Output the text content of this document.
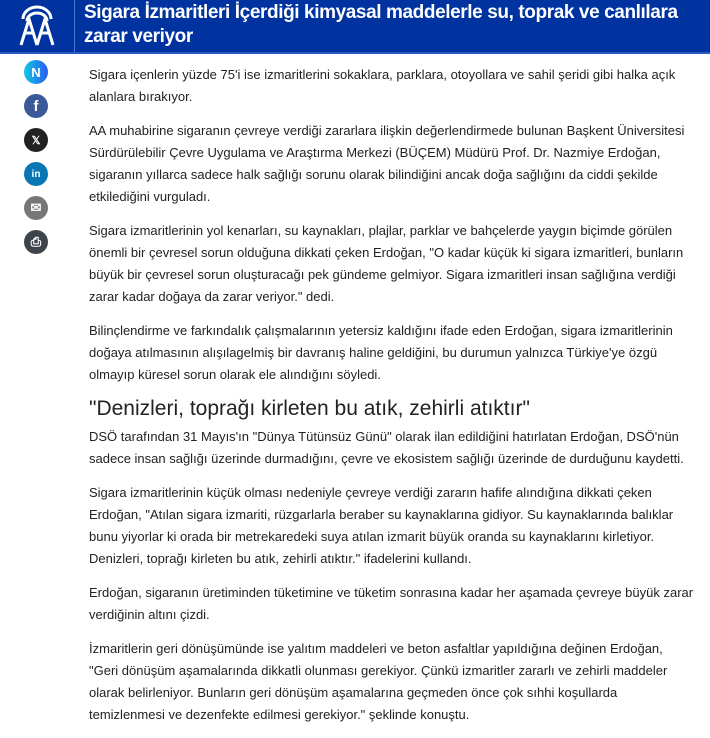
Sigara İzmaritleri İçerdiği kimyasal maddelerle su, toprak ve canlılara zarar veriyor
N
f
𝕏
in
✉
⎙

Sigara içenlerin yüzde 75'i ise izmaritlerini sokaklara, parklara, otoyollara ve sahil şeridi gibi halka açık alanlara bırakıyor.

AA muhabirine sigaranın çevreye verdiği zararlara ilişkin değerlendirmede bulunan Başkent Üniversitesi Sürdürülebilir Çevre Uygulama ve Araştırma Merkezi (BÜÇEM) Müdürü Prof. Dr. Nazmiye Erdoğan, sigaranın yıllarca sadece halk sağlığı sorunu olarak bilindiğini ancak doğa sağlığını da ciddi şekilde etkilediğini vurguladı.

Sigara izmaritlerinin yol kenarları, su kaynakları, plajlar, parklar ve bahçelerde yaygın biçimde görülen önemli bir çevresel sorun olduğuna dikkati çeken Erdoğan, "O kadar küçük ki sigara izmaritleri, bunların büyük bir çevresel sorun oluşturacağı pek gündeme gelmiyor. Sigara izmaritleri insan sağlığına verdiği zarar kadar doğaya da zarar veriyor." dedi.

Bilinçlendirme ve farkındalık çalışmalarının yetersiz kaldığını ifade eden Erdoğan, sigara izmaritlerinin doğaya atılmasının alışılagelmiş bir davranış haline geldiğini, bu durumun yalnızca Türkiye'ye özgü olmayıp küresel sorun olarak ele alındığını söyledi.

"Denizleri, toprağı kirleten bu atık, zehirli atıktır"

DSÖ tarafından 31 Mayıs'ın "Dünya Tütünsüz Günü" olarak ilan edildiğini hatırlatan Erdoğan, DSÖ'nün sadece insan sağlığı üzerinde durmadığını, çevre ve ekosistem sağlığı üzerinde de durduğunu kaydetti.

Sigara izmaritlerinin küçük olması nedeniyle çevreye verdiği zararın hafife alındığına dikkati çeken Erdoğan, "Atılan sigara izmariti, rüzgarlarla beraber su kaynaklarına gidiyor. Su kaynaklarında balıklar bunu yiyorlar ki orada bir metrekaredeki suya atılan izmarit büyük oranda su kaynaklarını kirletiyor. Denizleri, toprağı kirleten bu atık, zehirli atıktır." ifadelerini kullandı.

Erdoğan, sigaranın üretiminden tüketimine ve tüketim sonrasına kadar her aşamada çevreye büyük zarar verdiğinin altını çizdi.

İzmaritlerin geri dönüşümünde ise yalıtım maddeleri ve beton asfaltlar yapıldığına değinen Erdoğan, "Geri dönüşüm aşamalarında dikkatli olunması gerekiyor. Çünkü izmaritler zararlı ve zehirli maddeler olarak belirleniyor. Bunların geri dönüşüm aşamalarına geçmeden önce çok sıhhi koşullarda temizlenmesi ve dezenfekte edilmesi gerekiyor." şeklinde konuştu.
